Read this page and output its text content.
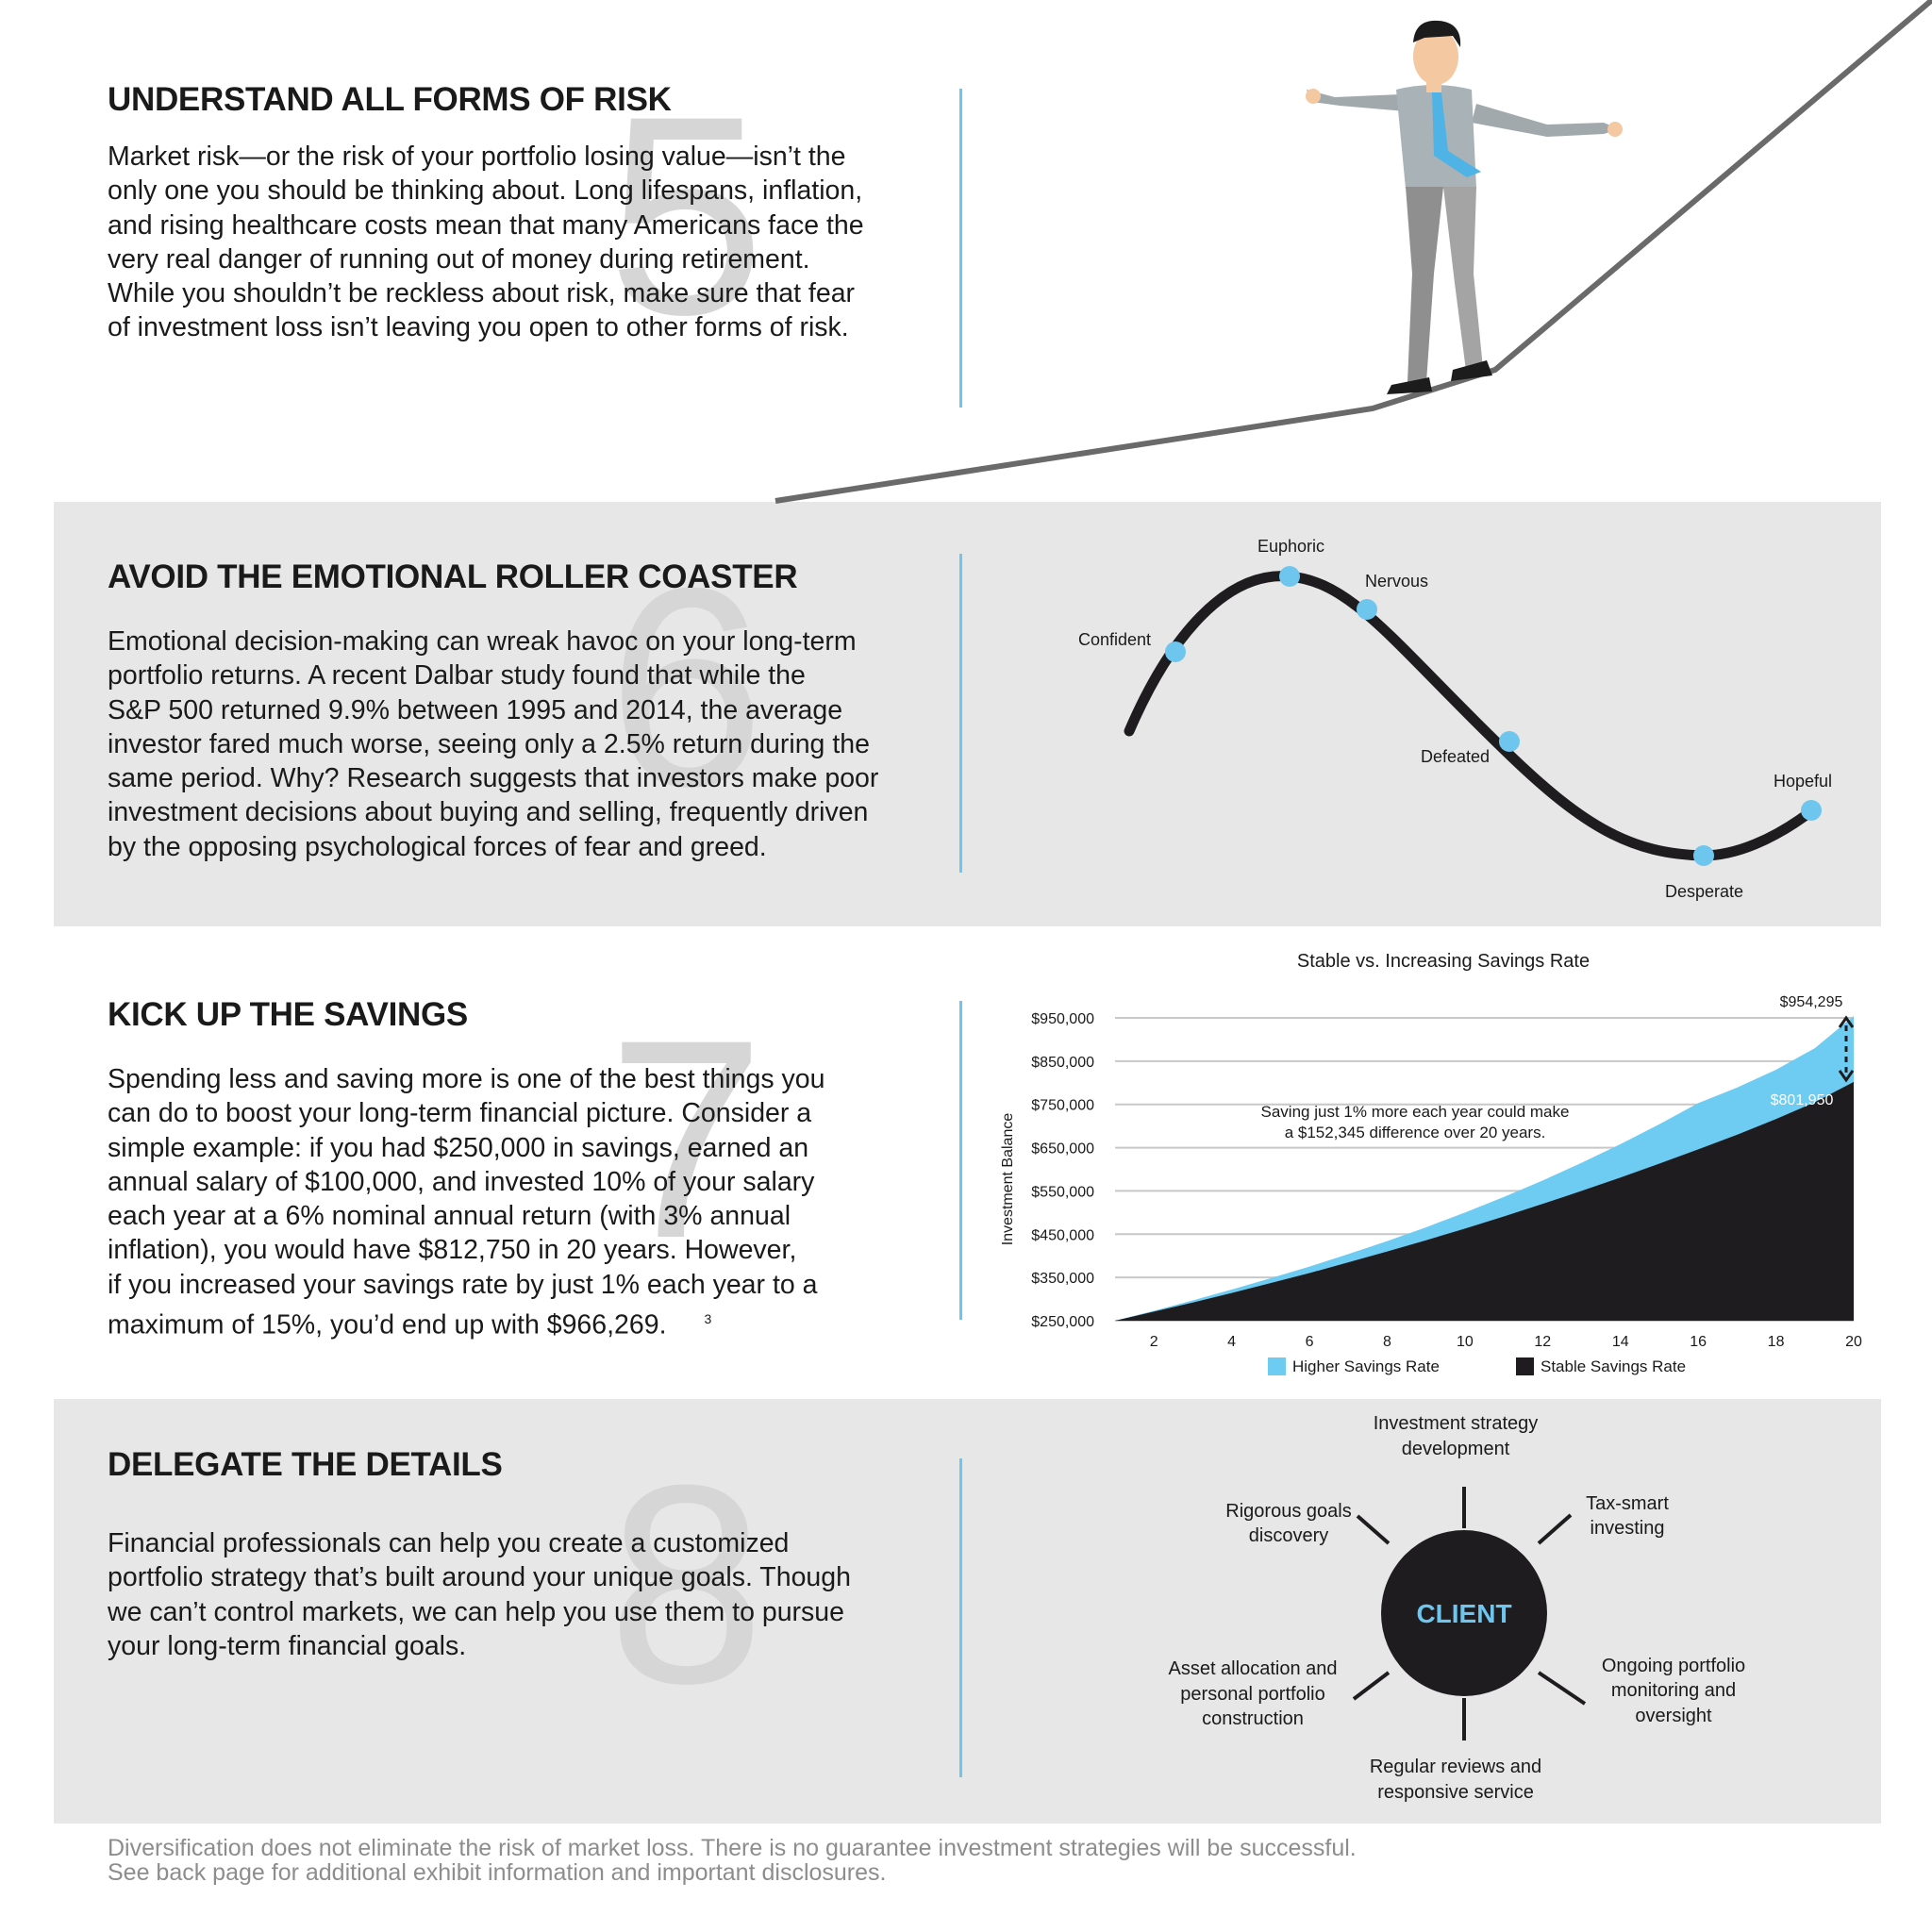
5
UNDERSTAND ALL FORMS OF RISK

Market risk—or the risk of your portfolio losing value—isn’t the
only one you should be thinking about. Long lifespans, inflation,
and rising healthcare costs mean that many Americans face the
very real danger of running out of money during retirement.
While you shouldn’t be reckless about risk, make sure that fear
of investment loss isn’t leaving you open to other forms of risk.

6
AVOID THE EMOTIONAL ROLLER COASTER

Emotional decision-making can wreak havoc on your long-term
portfolio returns. A recent Dalbar study found that while the
S&P 500 returned 9.9% between 1995 and 2014, the average
investor fared much worse, seeing only a 2.5% return during the
same period. Why? Research suggests that investors make poor
investment decisions about buying and selling, frequently driven
by the opposing psychological forces of fear and greed.

Confident
Euphoric
Nervous
Defeated
Desperate
Hopeful
7
KICK UP THE SAVINGS

Spending less and saving more is one of the best things you
can do to boost your long-term financial picture. Consider a
simple example: if you had $250,000 in savings, earned an
annual salary of $100,000, and invested 10% of your salary
each year at a 6% nominal annual return (with 3% annual
inflation), you would have $812,750 in 20 years. However,
if you increased your savings rate by just 1% each year to a
maximum of 15%, you’d end up with $966,269.	$^3$

Stable vs. Increasing Savings Rate
Investment Balance
$950,000
$850,000
$750,000
$650,000
$550,000
$450,000
$350,000
$250,000
2	4	6	8	10	12	14	16	18	20
$954,295
$801,950
Saving just 1% more each year could make
a $152,345 difference over 20 years.
Higher Savings Rate	Stable Savings Rate
8
DELEGATE THE DETAILS

Financial professionals can help you create a customized
portfolio strategy that’s built around your unique goals. Though
we can’t control markets, we can help you use them to pursue
your long-term financial goals.

CLIENT
Investment strategy
development
Tax-smart
investing
Ongoing portfolio
monitoring and
oversight
Regular reviews and
responsive service
Asset allocation and
personal portfolio
construction
Rigorous goals
discovery
Diversification does not eliminate the risk of market loss. There is no guarantee investment strategies will be successful.
See back page for additional exhibit information and important disclosures.
